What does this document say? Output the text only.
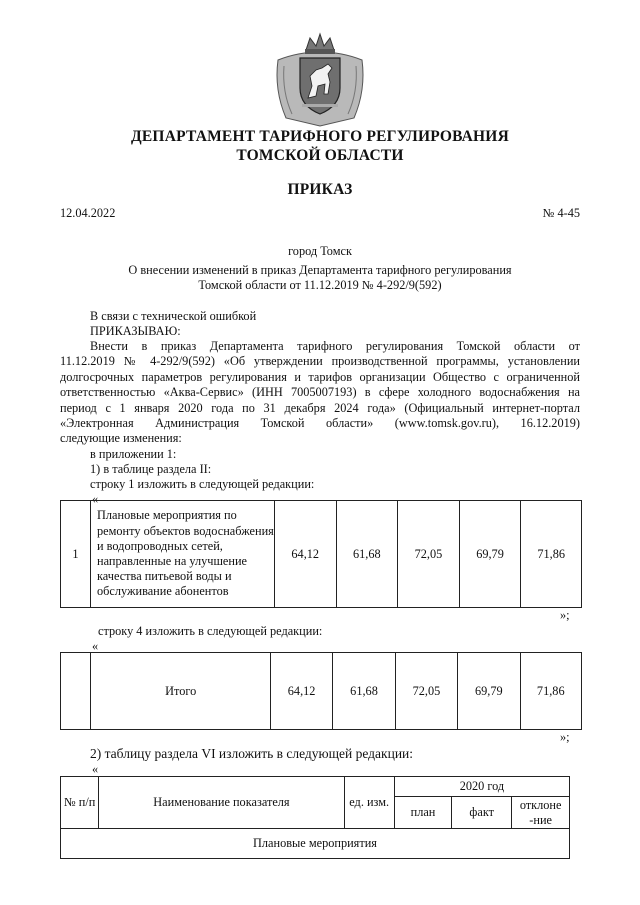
ДЕПАРТАМЕНТ ТАРИФНОГО РЕГУЛИРОВАНИЯ
ТОМСКОЙ ОБЛАСТИ
ПРИКАЗ
12.04.2022	№ 4-45
город Томск
О внесении изменений в приказ Департамента тарифного регулирования
Томской области от 11.12.2019 № 4-292/9(592)
В связи с технической ошибкой
ПРИКАЗЫВАЮ:
Внести в приказ Департамента тарифного регулирования Томской области от
11.12.2019 № 4-292/9(592) «Об утверждении производственной программы, установлении
долгосрочных параметров регулирования и тарифов организации Общество с ограниченной
ответственностью «Аква-Сервис» (ИНН 7005007193) в сфере холодного водоснабжения на
период с 1 января 2020 года по 31 декабря 2024 года» (Официальный интернет-портал
«Электронная Администрация Томской области» (www.tomsk.gov.ru), 16.12.2019)
следующие изменения:
в приложении 1:
1) в таблице раздела II:
строку 1 изложить в следующей редакции:
«
1	Плановые мероприятия по ремонту объектов водоснабжения и водопроводных сетей, направленные на улучшение качества питьевой воды и обслуживание абонентов	64,12	61,68	72,05	69,79	71,86
»;
строку 4 изложить в следующей редакции:
«
	Итого	64,12	61,68	72,05	69,79	71,86
»;
2) таблицу раздела VI изложить в следующей редакции:
«
№ п/п	Наименование показателя	ед. изм.	2020 год		
			план	факт	отклоне -ние
Плановые мероприятия					
